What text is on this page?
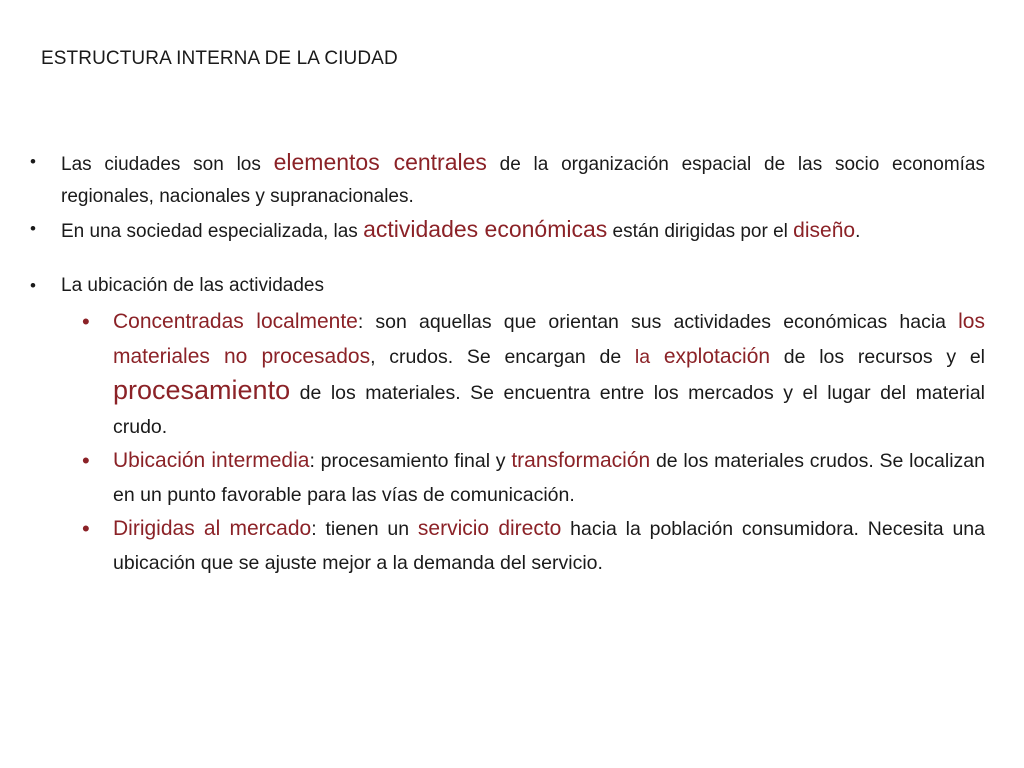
ESTRUCTURA INTERNA DE LA CIUDAD
• Las ciudades son los elementos centrales de la organización espacial de las socio economías regionales, nacionales y supranacionales.
• En una sociedad especializada, las actividades económicas están dirigidas por el diseño.
• La ubicación de las actividades
• Concentradas localmente: son aquellas que orientan sus actividades económicas hacia los materiales no procesados, crudos. Se encargan de la explotación de los recursos y el procesamiento de los materiales. Se encuentra entre los mercados y el lugar del material crudo.
• Ubicación intermedia: procesamiento final y transformación de los materiales crudos. Se localizan en un punto favorable para las vías de comunicación.
• Dirigidas al mercado: tienen un servicio directo hacia la población consumidora. Necesita una ubicación que se ajuste mejor a la demanda del servicio.
